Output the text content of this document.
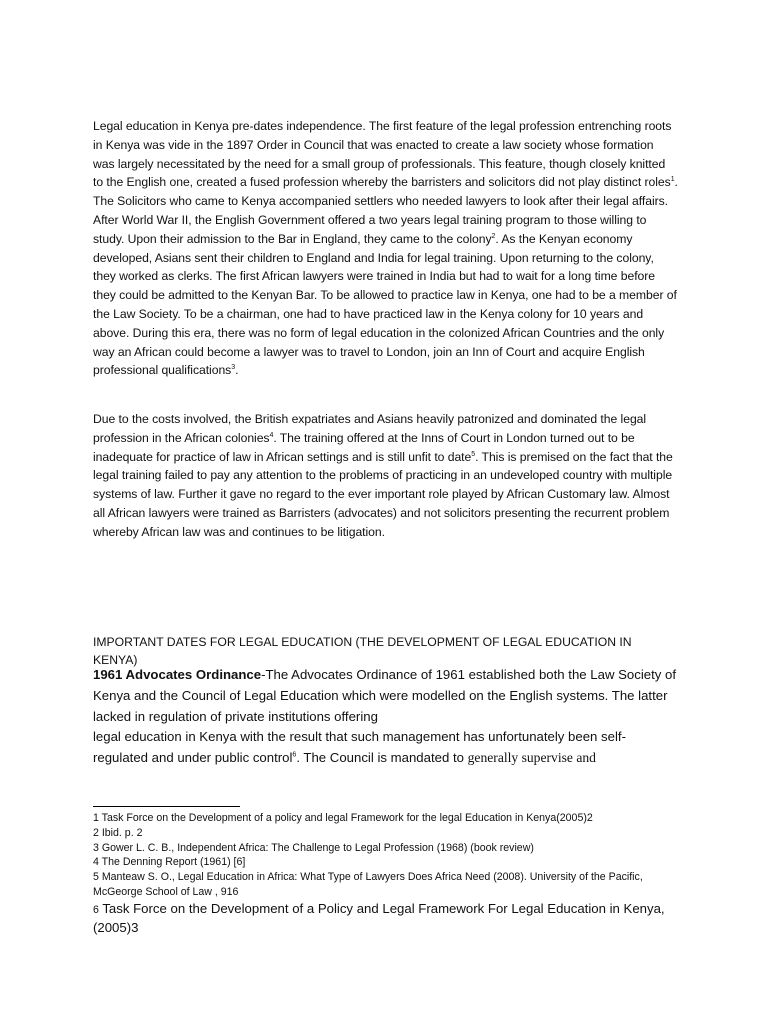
Legal education in Kenya pre-dates independence. The first feature of the legal profession entrenching roots in Kenya was vide in the 1897 Order in Council that was enacted to create a law society whose formation was largely necessitated by the need for a small group of professionals. This feature, though closely knitted to the English one, created a fused profession whereby the barristers and solicitors did not play distinct roles$^1$. The Solicitors who came to Kenya accompanied settlers who needed lawyers to look after their legal affairs. After World War II, the English Government offered a two years legal training program to those willing to study. Upon their admission to the Bar in England, they came to the colony$^2$. As the Kenyan economy developed, Asians sent their children to England and India for legal training. Upon returning to the colony, they worked as clerks. The first African lawyers were trained in India but had to wait for a long time before they could be admitted to the Kenyan Bar. To be allowed to practice law in Kenya, one had to be a member of the Law Society. To be a chairman, one had to have practiced law in the Kenya colony for 10 years and above. During this era, there was no form of legal education in the colonized African Countries and the only way an African could become a lawyer was to travel to London, join an Inn of Court and acquire English professional qualifications$^3$.

Due to the costs involved, the British expatriates and Asians heavily patronized and dominated the legal profession in the African colonies$^4$. The training offered at the Inns of Court in London turned out to be inadequate for practice of law in African settings and is still unfit to date$^5$. This is premised on the fact that the legal training failed to pay any attention to the problems of practicing in an undeveloped country with multiple systems of law. Further it gave no regard to the ever important role played by African Customary law. Almost all African lawyers were trained as Barristers (advocates) and not solicitors presenting the recurrent problem whereby African law was and continues to be litigation.

IMPORTANT DATES FOR LEGAL EDUCATION (THE DEVELOPMENT OF LEGAL EDUCATION IN KENYA)

1961 Advocates Ordinance-The Advocates Ordinance of 1961 established both the Law Society of Kenya and the Council of Legal Education which were modelled on the English systems. The latter lacked in regulation of private institutions offering
legal education in Kenya with the result that such management has unfortunately been self-regulated and under public control$^6$. The Council is mandated to generally supervise and

1 Task Force on the Development of a policy and legal Framework for the legal Education in Kenya(2005)2

2 Ibid. p. 2

3 Gower L. C. B., Independent Africa: The Challenge to Legal Profession (1968) (book review)

4 The Denning Report (1961) [6]

5 Manteaw S. O., Legal Education in Africa: What Type of Lawyers Does Africa Need (2008). University of the Pacific, McGeorge School of Law , 916

6 Task Force on the Development of a Policy and Legal Framework For Legal Education in Kenya, (2005)3
